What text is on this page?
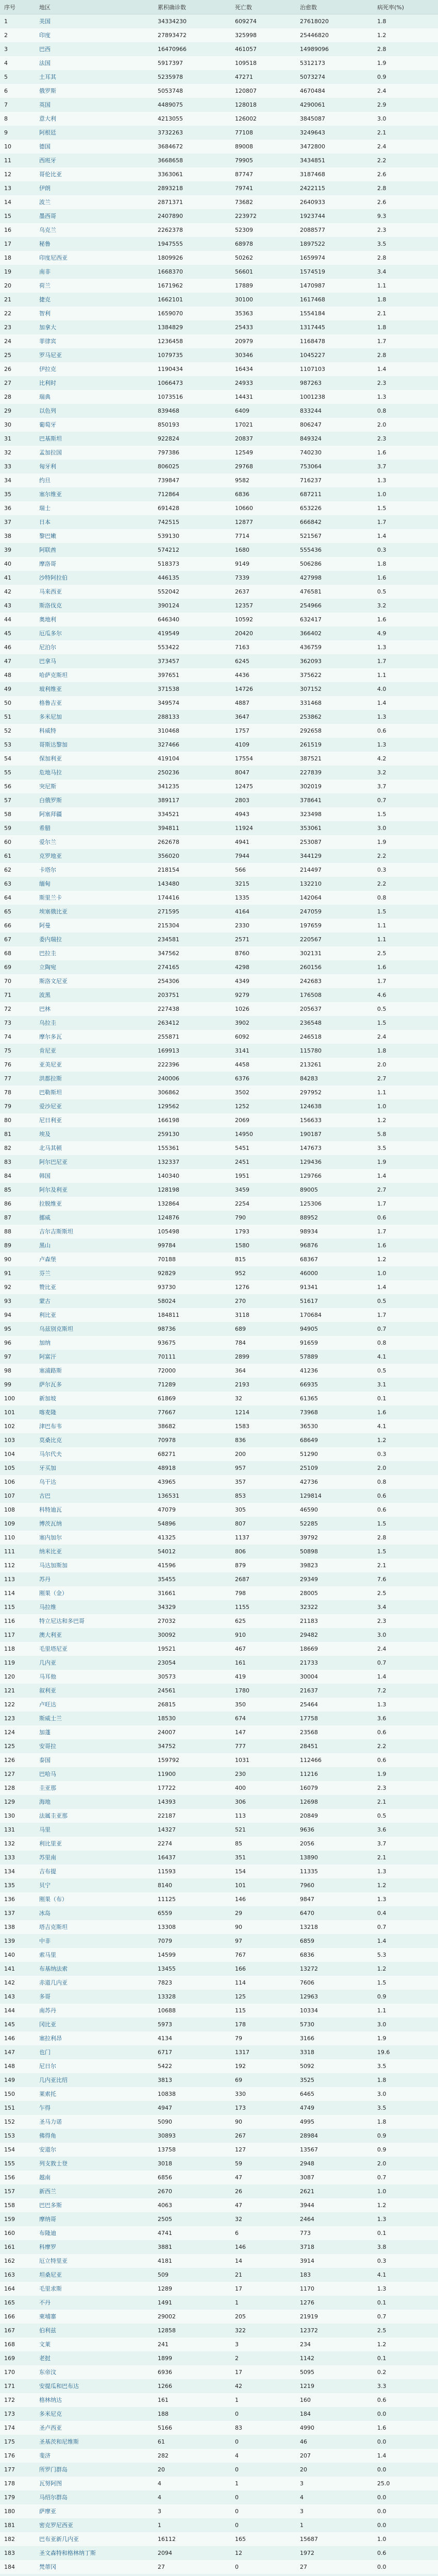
序号	地区	累积确诊数	死亡数	治愈数	病死率(%)
1	美国	34334230	609274	27618020	1.8
2	印度	27893472	325998	25446820	1.2
3	巴西	16470966	461057	14989096	2.8
4	法国	5917397	109518	5312173	1.9
5	土耳其	5235978	47271	5073274	0.9
6	俄罗斯	5053748	120807	4670484	2.4
7	英国	4489075	128018	4290061	2.9
8	意大利	4213055	126002	3845087	3.0
9	阿根廷	3732263	77108	3249643	2.1
10	德国	3684672	89008	3472800	2.4
11	西班牙	3668658	79905	3434851	2.2
12	哥伦比亚	3363061	87747	3187468	2.6
13	伊朗	2893218	79741	2422115	2.8
14	波兰	2871371	73682	2640933	2.6
15	墨西哥	2407890	223972	1923744	9.3
16	乌克兰	2262378	52309	2088577	2.3
17	秘鲁	1947555	68978	1897522	3.5
18	印度尼西亚	1809926	50262	1659974	2.8
19	南非	1668370	56601	1574519	3.4
20	荷兰	1671962	17889	1470987	1.1
21	捷克	1662101	30100	1617468	1.8
22	智利	1659070	35363	1554184	2.1
23	加拿大	1384829	25433	1317445	1.8
24	菲律宾	1236458	20979	1168478	1.7
25	罗马尼亚	1079735	30346	1045227	2.8
26	伊拉克	1190434	16434	1107103	1.4
27	比利时	1066473	24933	987263	2.3
28	瑞典	1073516	14431	1001238	1.3
29	以色列	839468	6409	833244	0.8
30	葡萄牙	850193	17021	806247	2.0
31	巴基斯坦	922824	20837	849324	2.3
32	孟加拉国	797386	12549	740230	1.6
33	匈牙利	806025	29768	753064	3.7
34	约旦	739847	9582	716237	1.3
35	塞尔维亚	712864	6836	687211	1.0
36	瑞士	691428	10660	653226	1.5
37	日本	742515	12877	666842	1.7
38	黎巴嫩	539130	7714	521567	1.4
39	阿联酋	574212	1680	555436	0.3
40	摩洛哥	518373	9149	506286	1.8
41	沙特阿拉伯	446135	7339	427998	1.6
42	马来西亚	552042	2637	476581	0.5
43	斯洛伐克	390124	12357	254966	3.2
44	奥地利	646340	10592	632417	1.6
45	厄瓜多尔	419549	20420	366402	4.9
46	尼泊尔	553422	7163	436759	1.3
47	巴拿马	373457	6245	362093	1.7
48	哈萨克斯坦	397651	4436	375622	1.1
49	玻利维亚	371538	14726	307152	4.0
50	格鲁吉亚	349574	4887	331468	1.4
51	多米尼加	288133	3647	253862	1.3
52	科威特	310468	1757	292658	0.6
53	哥斯达黎加	327466	4109	261519	1.3
54	保加利亚	419104	17554	387521	4.2
55	危地马拉	250236	8047	227839	3.2
56	突尼斯	341235	12475	302019	3.7
57	白俄罗斯	389117	2803	378641	0.7
58	阿塞拜疆	334521	4943	323498	1.5
59	希腊	394811	11924	353061	3.0
60	爱尔兰	262678	4941	253087	1.9
61	克罗地亚	356020	7944	344129	2.2
62	卡塔尔	218154	566	214497	0.3
63	缅甸	143480	3215	132210	2.2
64	斯里兰卡	174416	1335	142064	0.8
65	埃塞俄比亚	271595	4164	247059	1.5
66	阿曼	215304	2330	197659	1.1
67	委内瑞拉	234581	2571	220567	1.1
68	巴拉圭	347562	8760	302131	2.5
69	立陶宛	274165	4298	260156	1.6
70	斯洛文尼亚	254306	4349	242683	1.7
71	波黑	203751	9279	176508	4.6
72	巴林	227438	1026	205637	0.5
73	乌拉圭	263412	3902	236548	1.5
74	摩尔多瓦	255871	6092	246518	2.4
75	肯尼亚	169913	3141	115780	1.8
76	亚美尼亚	222396	4458	213261	2.0
77	洪都拉斯	240006	6376	84283	2.7
78	巴勒斯坦	306862	3502	297952	1.1
79	爱沙尼亚	129562	1252	124638	1.0
80	尼日利亚	166198	2069	156633	1.2
81	埃及	259130	14950	190187	5.8
82	北马其顿	155361	5451	147673	3.5
83	阿尔巴尼亚	132337	2451	129436	1.9
84	韩国	140340	1951	129766	1.4
85	阿尔及利亚	128198	3459	89005	2.7
86	拉脱维亚	132864	2254	125306	1.7
87	挪威	124876	790	88952	0.6
88	吉尔吉斯斯坦	105498	1793	98934	1.7
89	黑山	99784	1580	96876	1.6
90	卢森堡	70188	815	68367	1.2
91	芬兰	92829	952	46000	1.0
92	赞比亚	93730	1276	91341	1.4
93	蒙古	58024	270	51617	0.5
94	利比亚	184811	3118	170684	1.7
95	乌兹别克斯坦	98736	689	94905	0.7
96	加纳	93675	784	91659	0.8
97	阿富汗	70111	2899	57889	4.1
98	塞浦路斯	72000	364	41236	0.5
99	萨尔瓦多	71289	2193	66935	3.1
100	新加坡	61869	32	61365	0.1
101	喀麦隆	77667	1214	73968	1.6
102	津巴布韦	38682	1583	36530	4.1
103	莫桑比克	70978	836	68649	1.2
104	马尔代夫	68271	200	51290	0.3
105	牙买加	48918	957	25109	2.0
106	乌干达	43965	357	42736	0.8
107	古巴	136531	853	129814	0.6
108	科特迪瓦	47079	305	46590	0.6
109	博茨瓦纳	54896	807	52285	1.5
110	塞内加尔	41325	1137	39792	2.8
111	纳米比亚	54012	806	50898	1.5
112	马达加斯加	41596	879	39823	2.1
113	苏丹	35455	2687	29349	7.6
114	刚果（金）	31661	798	28005	2.5
115	马拉维	34329	1155	32322	3.4
116	特立尼达和多巴哥	27032	625	21183	2.3
117	澳大利亚	30092	910	29482	3.0
118	毛里塔尼亚	19521	467	18669	2.4
119	几内亚	23054	161	21733	0.7
120	马耳他	30573	419	30004	1.4
121	叙利亚	24561	1780	21637	7.2
122	卢旺达	26815	350	25464	1.3
123	斯威士兰	18530	674	17758	3.6
124	加蓬	24007	147	23568	0.6
125	安哥拉	34752	777	28451	2.2
126	泰国	159792	1031	112466	0.6
127	巴哈马	11900	230	11216	1.9
128	圭亚那	17722	400	16079	2.3
129	海地	14393	306	12698	2.1
130	法属圭亚那	22187	113	20849	0.5
131	马里	14327	521	9636	3.6
132	利比里亚	2274	85	2056	3.7
133	苏里南	16437	351	13890	2.1
134	吉布提	11593	154	11335	1.3
135	贝宁	8140	101	7960	1.2
136	刚果（布）	11125	146	9847	1.3
137	冰岛	6559	29	6470	0.4
138	塔吉克斯坦	13308	90	13218	0.7
139	中非	7079	97	6859	1.4
140	索马里	14599	767	6836	5.3
141	布基纳法索	13455	166	13272	1.2
142	赤道几内亚	7823	114	7606	1.5
143	多哥	13328	125	12963	0.9
144	南苏丹	10688	115	10334	1.1
145	冈比亚	5973	178	5730	3.0
146	塞拉利昂	4134	79	3166	1.9
147	也门	6717	1317	3318	19.6
148	尼日尔	5422	192	5092	3.5
149	几内亚比绍	3813	69	3525	1.8
150	莱索托	10838	330	6465	3.0
151	乍得	4947	173	4749	3.5
152	圣马力诺	5090	90	4995	1.8
153	佛得角	30893	267	28984	0.9
154	安道尔	13758	127	13567	0.9
155	列支敦士登	3018	59	2948	2.0
156	越南	6856	47	3087	0.7
157	新西兰	2670	26	2621	1.0
158	巴巴多斯	4063	47	3944	1.2
159	摩纳哥	2505	32	2464	1.3
160	布隆迪	4741	6	773	0.1
161	科摩罗	3881	146	3718	3.8
162	厄立特里亚	4181	14	3914	0.3
163	坦桑尼亚	509	21	183	4.1
164	毛里求斯	1289	17	1170	1.3
165	不丹	1491	1	1276	0.1
166	柬埔寨	29002	205	21919	0.7
167	伯利兹	12858	322	12372	2.5
168	文莱	241	3	234	1.2
169	老挝	1899	2	1142	0.1
170	东帝汶	6936	17	5095	0.2
171	安提瓜和巴布达	1266	42	1219	3.3
172	格林纳达	161	1	160	0.6
173	多米尼克	188	0	184	0.0
174	圣卢西亚	5166	83	4990	1.6
175	圣基茨和尼维斯	61	0	46	0.0
176	斐济	282	4	207	1.4
177	所罗门群岛	20	0	20	0.0
178	瓦努阿图	4	1	3	25.0
179	马绍尔群岛	4	0	4	0.0
180	萨摩亚	3	0	3	0.0
181	密克罗尼西亚	1	0	1	0.0
182	巴布亚新几内亚	16112	165	15687	1.0
183	圣文森特和格林纳丁斯	2094	12	1972	0.6
184	梵蒂冈	27	0	27	0.0
